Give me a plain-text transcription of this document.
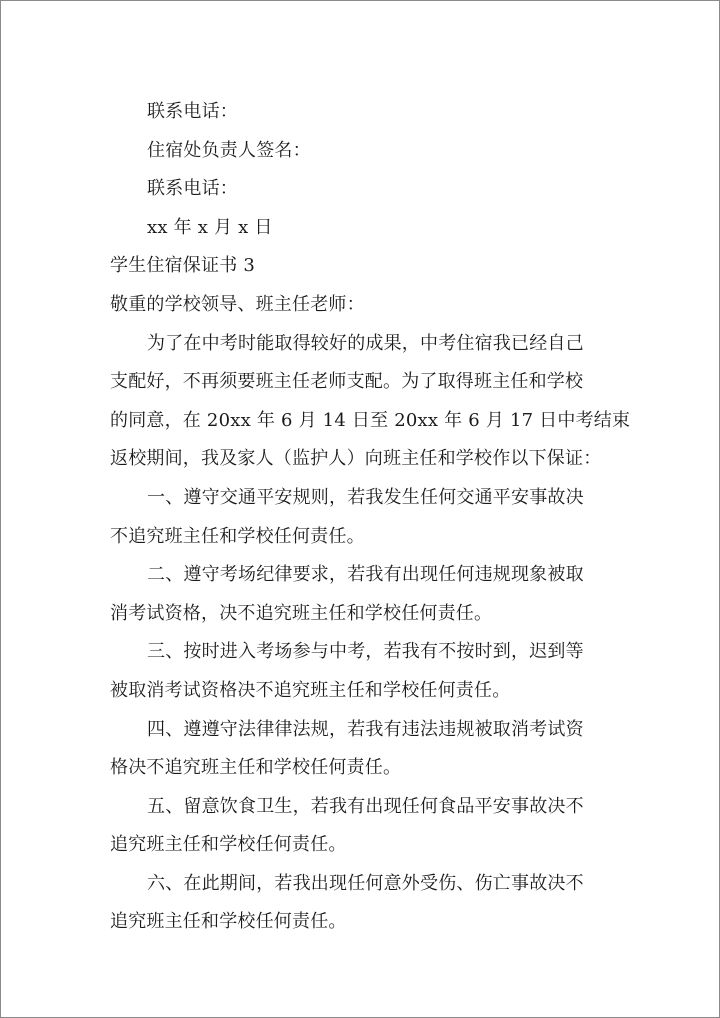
联系电话：
住宿处负责人签名：
联系电话：
xx 年 x 月 x 日
学生住宿保证书 3
敬重的学校领导、班主任老师：
为了在中考时能取得较好的成果，中考住宿我已经自己
支配好，不再须要班主任老师支配。为了取得班主任和学校
的同意，在 20xx 年 6 月 14 日至 20xx 年 6 月 17 日中考结束
返校期间，我及家人（监护人）向班主任和学校作以下保证：
一、遵守交通平安规则，若我发生任何交通平安事故决
不追究班主任和学校任何责任。
二、遵守考场纪律要求，若我有出现任何违规现象被取
消考试资格，决不追究班主任和学校任何责任。
三、按时进入考场参与中考，若我有不按时到，迟到等
被取消考试资格决不追究班主任和学校任何责任。
四、遵遵守法律律法规，若我有违法违规被取消考试资
格决不追究班主任和学校任何责任。
五、留意饮食卫生，若我有出现任何食品平安事故决不
追究班主任和学校任何责任。
六、在此期间，若我出现任何意外受伤、伤亡事故决不
追究班主任和学校任何责任。
